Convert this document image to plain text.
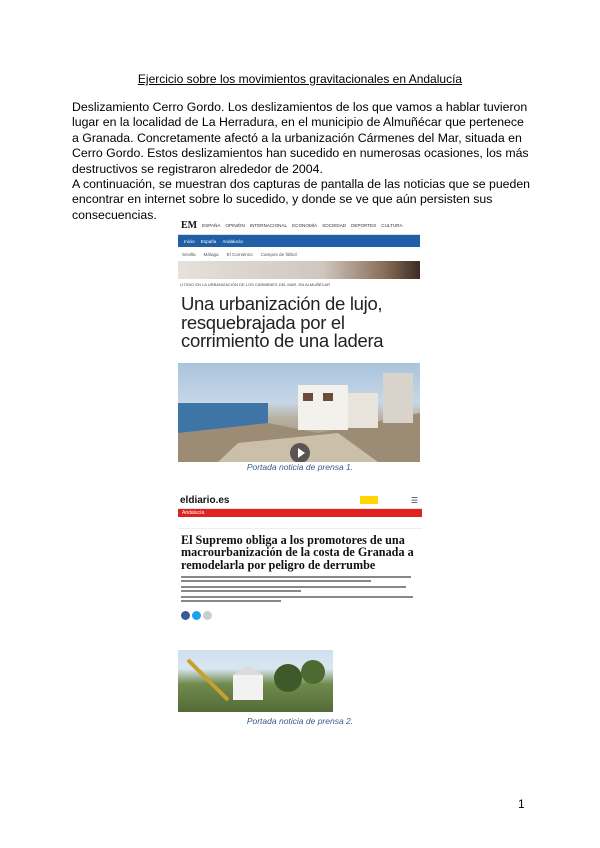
Ejercicio sobre los movimientos gravitacionales en Andalucía
Deslizamiento Cerro Gordo. Los deslizamientos de los que vamos a hablar tuvieron lugar en la localidad de La Herradura, en el municipio de Almuñécar que pertenece a Granada. Concretamente afectó a la urbanización Cármenes del Mar, situada en Cerro Gordo. Estos deslizamientos han sucedido en numerosas ocasiones, los más destructivos se registraron alrededor de 2004.
A continuación, se muestran dos capturas de pantalla de las noticias que se pueden encontrar en internet sobre lo sucedido, y donde se ve que aún persisten sus consecuencias.
EM ESPAÑA OPINIÓN INTERNACIONAL ECONOMÍA SOCIEDAD DEPORTES CULTURA
Inicio España Andalucía
Sevilla Málaga El Comienzo Campos de fútbol
LITIGIO EN LA URBANIZACIÓN DE LOS CÁRMENES DEL MAR, EN ALMUÑÉCAR
Una urbanización de lujo, resquebrajada por el corrimiento de una ladera
Portada noticia de prensa 1.
eldiario.es	☰
Andalucía
El Supremo obliga a los promotores de una macrourbanización de la costa de Granada a remodelarla por peligro de derrumbe
Portada noticia de prensa 2.
1
